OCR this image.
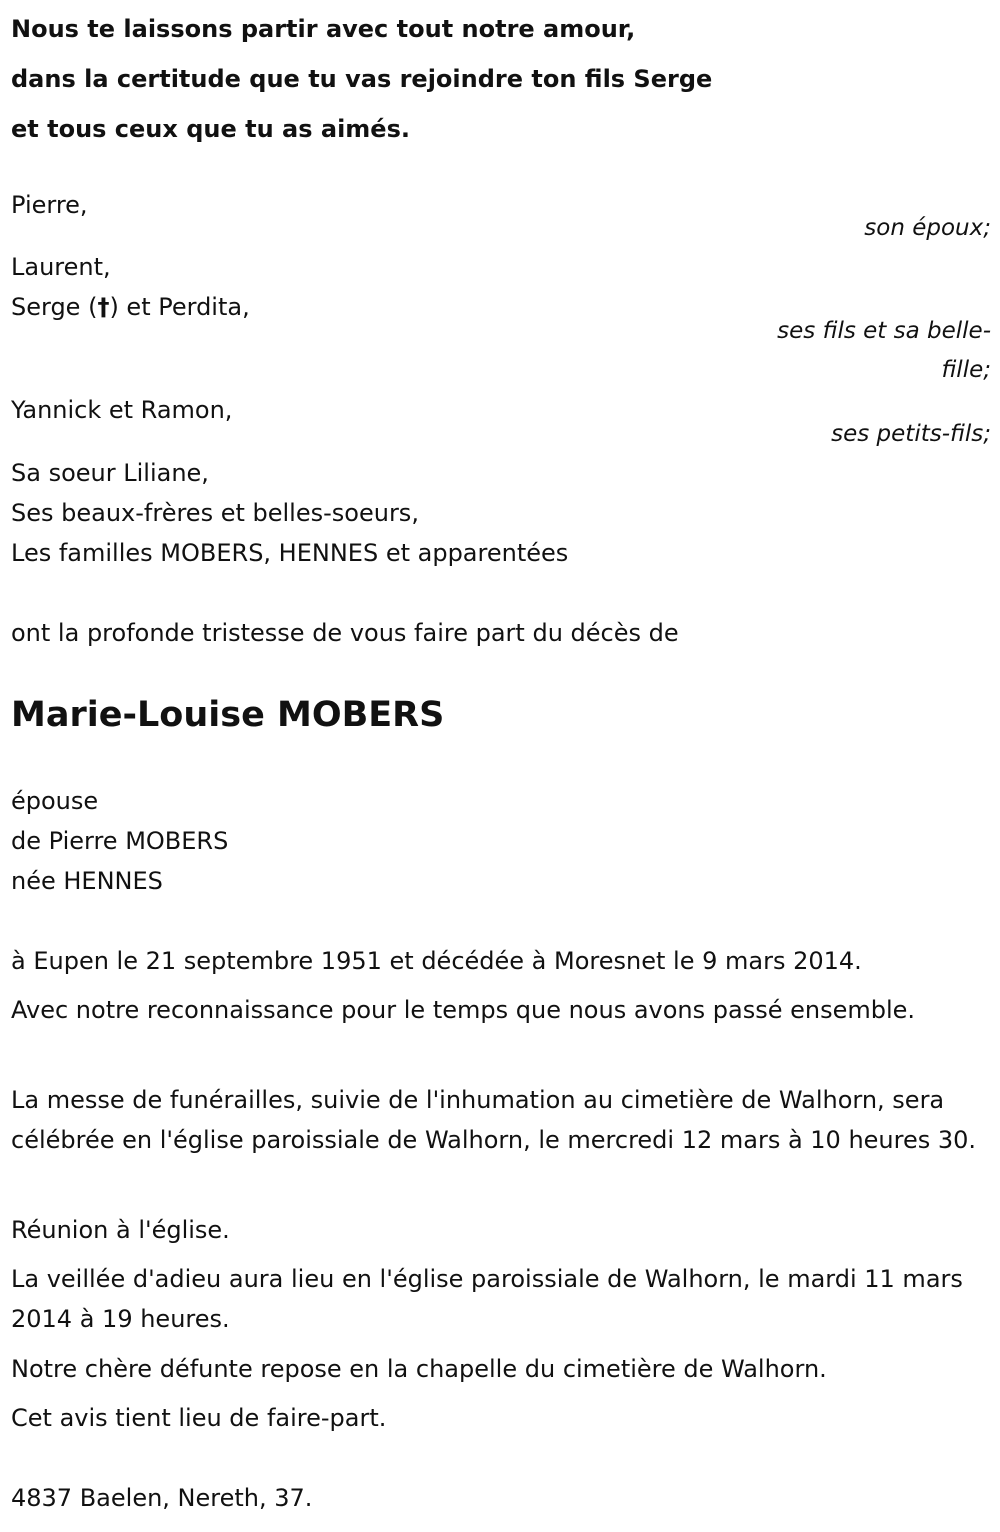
Nous te laissons partir avec tout notre amour,
dans la certitude que tu vas rejoindre ton fils Serge
et tous ceux que tu as aimés.
Pierre,
son époux;
Laurent,
Serge (†) et Perdita,
ses fils et sa belle-
fille;
Yannick et Ramon,
ses petits-fils;
Sa soeur Liliane,
Ses beaux-frères et belles-soeurs,
Les familles MOBERS, HENNES et apparentées
ont la profonde tristesse de vous faire part du décès de
Marie-Louise MOBERS
épouse
de Pierre MOBERS
née HENNES
à Eupen le 21 septembre 1951 et décédée à Moresnet le 9 mars 2014.
Avec notre reconnaissance pour le temps que nous avons passé ensemble.
La messe de funérailles, suivie de l'inhumation au cimetière de Walhorn, sera célébrée en l'église paroissiale de Walhorn, le mercredi 12 mars à 10 heures 30.
Réunion à l'église.
La veillée d'adieu aura lieu en l'église paroissiale de Walhorn, le mardi 11 mars 2014 à 19 heures.
Notre chère défunte repose en la chapelle du cimetière de Walhorn.
Cet avis tient lieu de faire-part.
4837 Baelen, Nereth, 37.
